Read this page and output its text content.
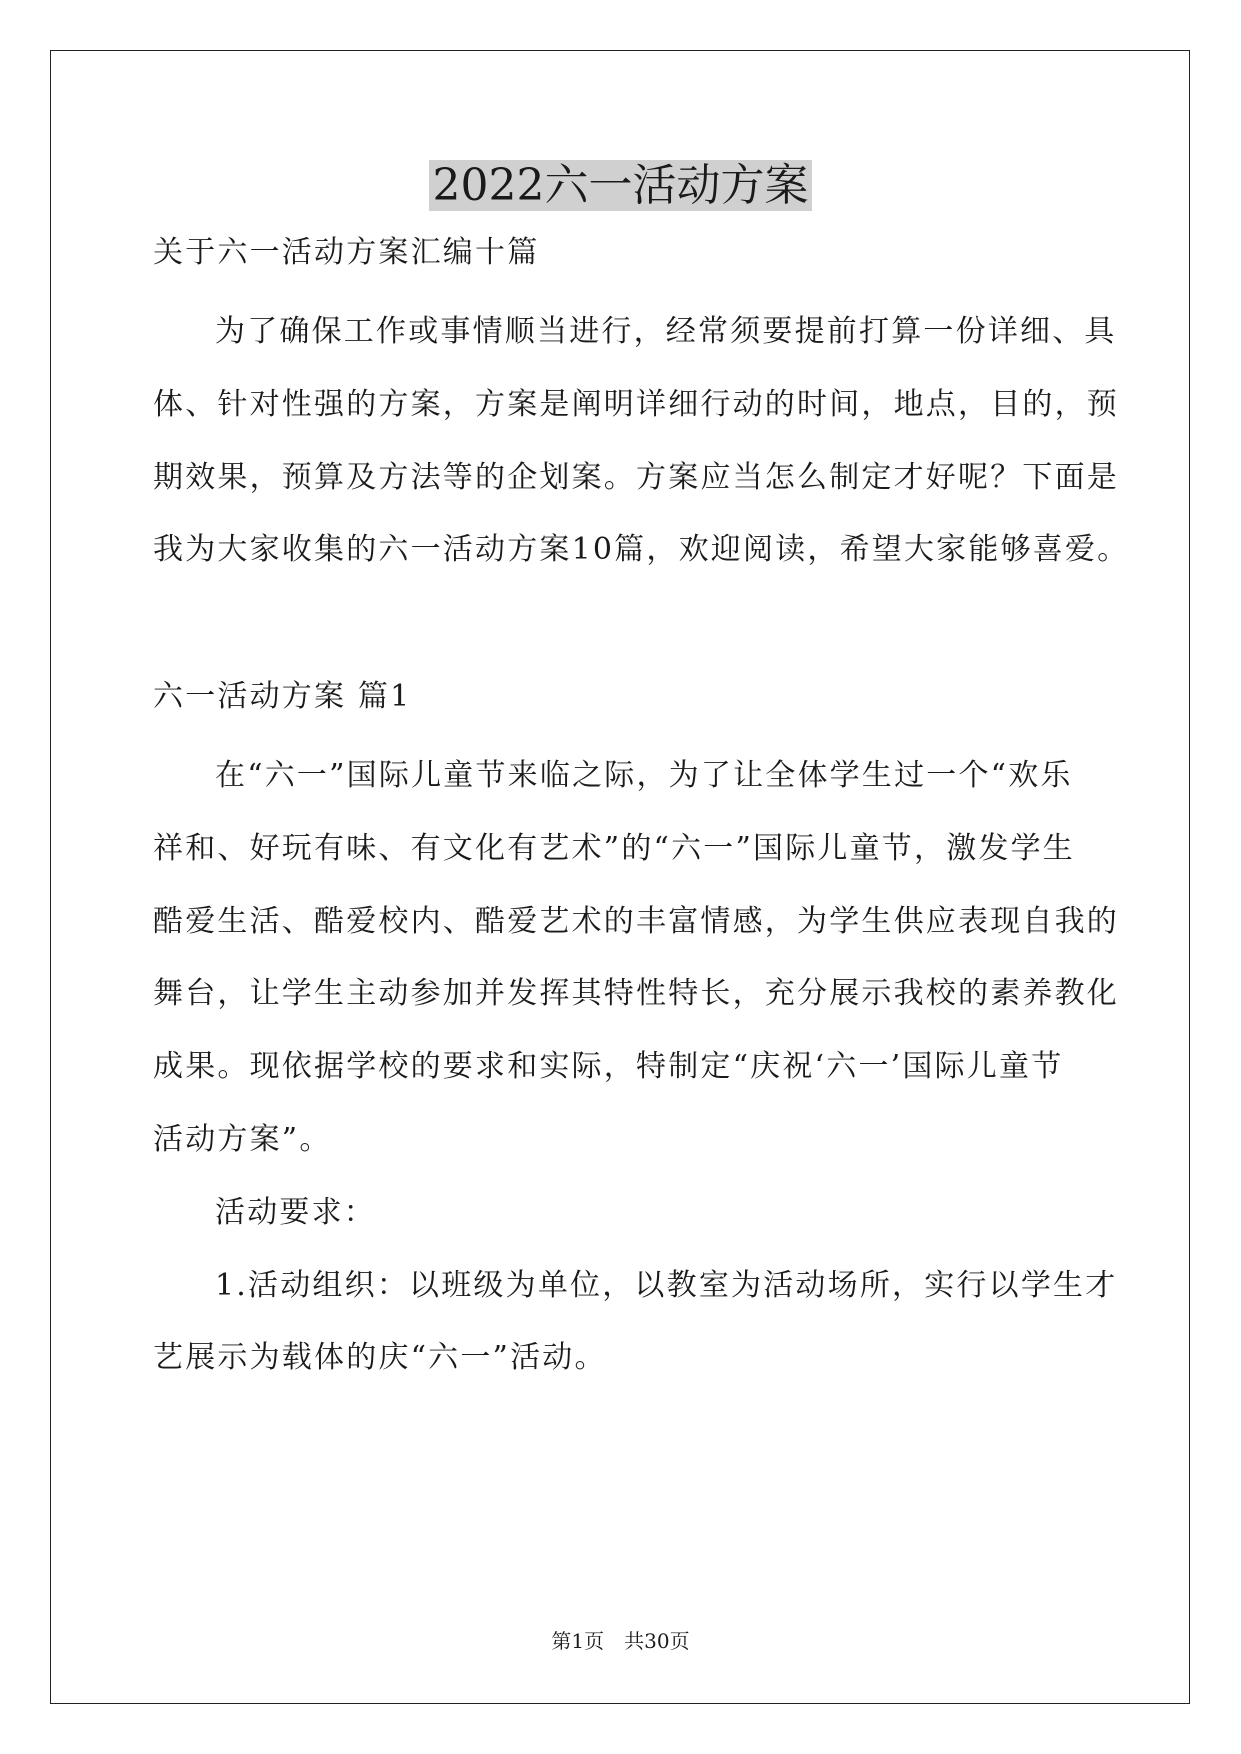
2022六一活动方案
关于六一活动方案汇编十篇
为了确保工作或事情顺当进行，经常须要提前打算一份详细、具
体、针对性强的方案，方案是阐明详细行动的时间，地点，目的，预
期效果，预算及方法等的企划案。方案应当怎么制定才好呢？下面是
我为大家收集的六一活动方案10篇，欢迎阅读，希望大家能够喜爱。
六一活动方案 篇1
在“六一”国际儿童节来临之际，为了让全体学生过一个“欢乐
祥和、好玩有味、有文化有艺术”的“六一”国际儿童节，激发学生
酷爱生活、酷爱校内、酷爱艺术的丰富情感，为学生供应表现自我的
舞台，让学生主动参加并发挥其特性特长，充分展示我校的素养教化
成果。现依据学校的要求和实际，特制定“庆祝‘六一’国际儿童节
活动方案”。
活动要求：
1.活动组织：以班级为单位，以教室为活动场所，实行以学生才
艺展示为载体的庆“六一”活动。
第1页 共30页
